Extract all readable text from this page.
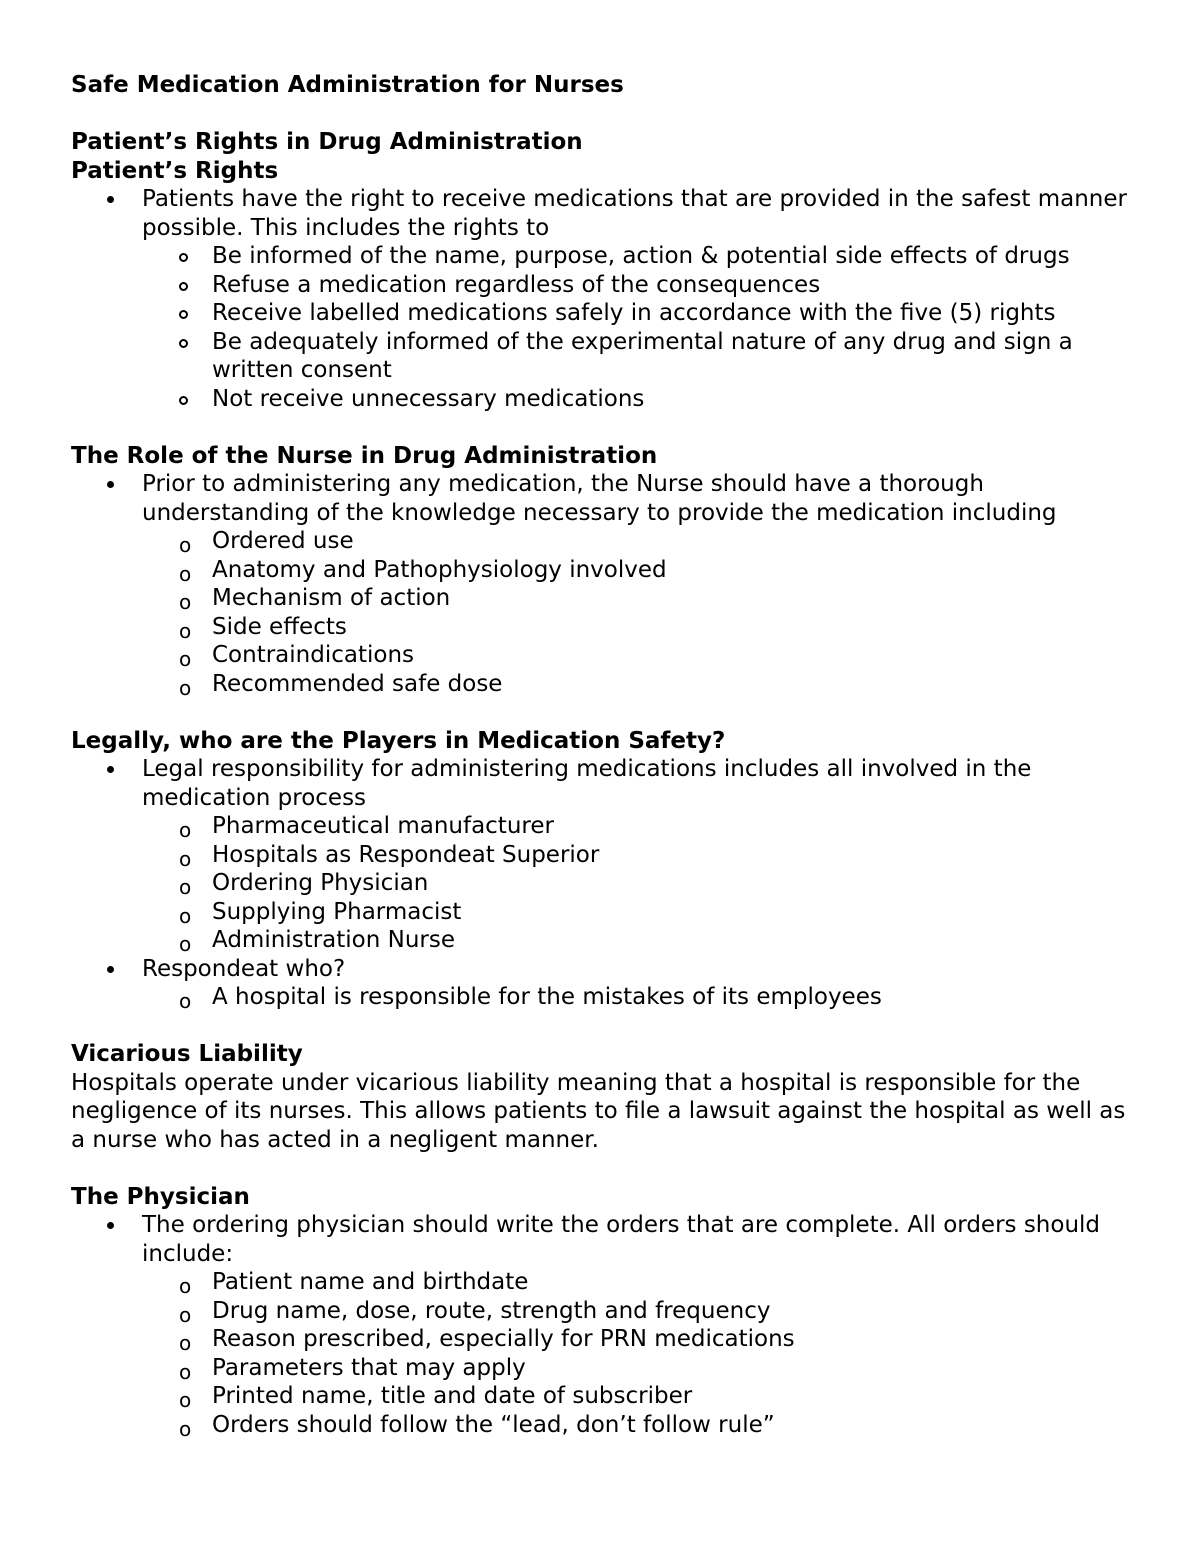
Safe Medication Administration for Nurses
Patient’s Rights in Drug Administration
Patient’s Rights
Patients have the right to receive medications that are provided in the safest manner possible. This includes the rights to
Be informed of the name, purpose, action & potential side effects of drugs
Refuse a medication regardless of the consequences
Receive labelled medications safely in accordance with the five (5) rights
Be adequately informed of the experimental nature of any drug and sign a written consent
Not receive unnecessary medications
The Role of the Nurse in Drug Administration
Prior to administering any medication, the Nurse should have a thorough understanding of the knowledge necessary to provide the medication including
o Ordered use
o Anatomy and Pathophysiology involved
o Mechanism of action
o Side effects
o Contraindications
o Recommended safe dose
Legally, who are the Players in Medication Safety?
Legal responsibility for administering medications includes all involved in the medication process
o Pharmaceutical manufacturer
o Hospitals as Respondeat Superior
o Ordering Physician
o Supplying Pharmacist
o Administration Nurse
Respondeat who?
o A hospital is responsible for the mistakes of its employees
Vicarious Liability

Hospitals operate under vicarious liability meaning that a hospital is responsible for the negligence of its nurses. This allows patients to file a lawsuit against the hospital as well as a nurse who has acted in a negligent manner.

The Physician
The ordering physician should write the orders that are complete. All orders should include:
o Patient name and birthdate
o Drug name, dose, route, strength and frequency
o Reason prescribed, especially for PRN medications
o Parameters that may apply
o Printed name, title and date of subscriber
o Orders should follow the “lead, don’t follow rule”
